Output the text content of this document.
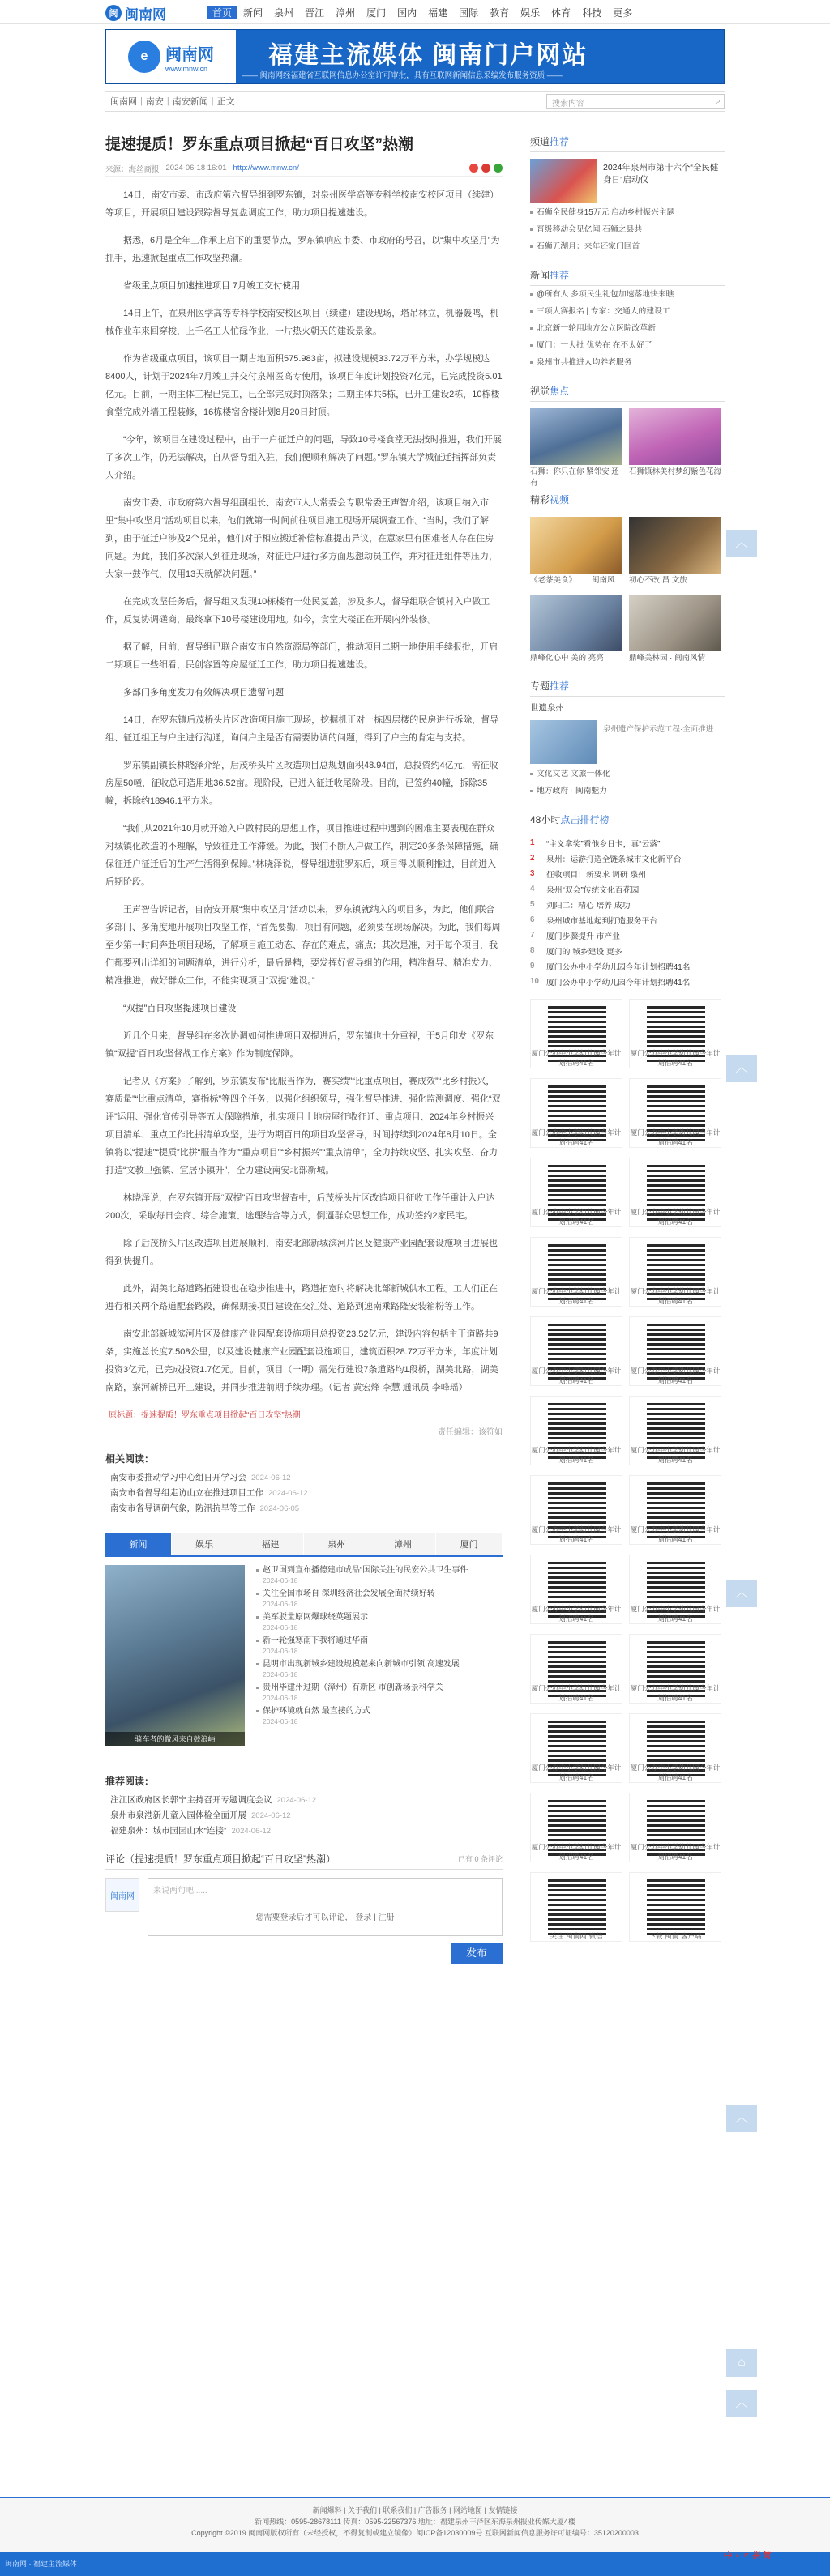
闽 闽南网	首页	新闻	泉州	晋江	漳州	厦门	国内	福建	国际	教育	娱乐	体育	科技	更多
e	闽南网
www.mnw.cn 福建主流媒体 闽南门户网站
—— 闽南网经福建省互联网信息办公室许可审批，具有互联网新闻信息采编发布服务资质 ——
闽南网 | 南安 | 南安新闻 | 正文	搜索内容	⌕
提速提质！罗东重点项目掀起“百日攻坚”热潮
来源：海丝商报 2024-06-18 16:01 http://www.mnw.cn/

14日，南安市委、市政府第六督导组到罗东镇，对泉州医学高等专科学校南安校区项目（续建）等项目，开展项目建设跟踪督导复盘调度工作，助力项目提速建设。

据悉，6月是全年工作承上启下的重要节点，罗东镇响应市委、市政府的号召，以“集中攻坚月”为抓手，迅速掀起重点工作攻坚热潮。

省级重点项目加速推进项目 7月竣工交付使用

14日上午，在泉州医学高等专科学校南安校区项目（续建）建设现场，塔吊林立，机器轰鸣，机械作业车来回穿梭，上千名工人忙碌作业，一片热火朝天的建设景象。

作为省级重点项目，该项目一期占地面积575.983亩，拟建设规模33.72万平方米，办学规模达8400人，计划于2024年7月竣工并交付泉州医高专使用，该项目年度计划投资7亿元，已完成投资5.01亿元。目前，一期主体工程已完工，已全部完成封顶落架；二期主体共5栋，已开工建设2栋，10栋楼食堂完成外墙工程装修，16栋楼宿舍楼计划8月20日封顶。

“今年，该项目在建设过程中，由于一户征迁户的问题，导致10号楼食堂无法按时推进，我们开展了多次工作，仍无法解决，自从督导组入驻，我们便顺利解决了问题。”罗东镇大学城征迁指挥部负责人介绍。

南安市委、市政府第六督导组副组长、南安市人大常委会专职常委王声智介绍，该项目纳入市里“集中攻坚月”活动项目以来，他们就第一时间前往项目施工现场开展调查工作。“当时，我们了解到，由于征迁户涉及2个兄弟，他们对于相应搬迁补偿标准提出异议，在意家里有困难老人存在住房问题。为此，我们多次深入到征迁现场，对征迁户进行多方面思想动员工作，并对征迁组件等压力，大家一鼓作气，仅用13天就解决问题。”

在完成攻坚任务后，督导组又发现10栋楼有一处民复盖，涉及多人，督导组联合镇村入户做工作，反复协调磋商，最终拿下10号楼建设用地。如今，食堂大楼正在开展内外装修。

据了解，目前，督导组已联合南安市自然资源局等部门，推动项目二期土地使用手续报批，开启二期项目一些细看，民创容置等房屋征迁工作，助力项目提速建设。

多部门多角度发力有效解决项目遗留问题

14日，在罗东镇后茂桥头片区改造项目施工现场，挖掘机正对一栋四层楼的民房进行拆除，督导组、征迁组正与户主进行沟通，询问户主是否有需要协调的问题，得到了户主的肯定与支持。

罗东镇副镇长林晓泽介绍，后茂桥头片区改造项目总规划面积48.94亩，总投资约4亿元，需征收房屋50幢，征收总可造用地36.52亩。现阶段，已进入征迁收尾阶段。目前，已签约40幢，拆除35幢，拆除约18946.1平方米。

“我们从2021年10月就开始入户做村民的思想工作，项目推进过程中遇到的困难主要表现在群众对城镇化改造的不理解，导致征迁工作滞缓。为此，我们不断入户做工作，制定20多条保障措施，确保征迁户征迁后的生产生活得到保障。”林晓泽说，督导组进驻罗东后，项目得以顺利推进，目前进入后期阶段。

王声智告诉记者，自南安开展“集中攻坚月”活动以来，罗东镇就纳入的项目多，为此，他们联合多部门、多角度地开展项目攻坚工作，“首先要勤，项目有问题，必须要在现场解决。为此，我们每周至少第一时间奔赴项目现场，了解项目施工动态、存在的难点，痛点；其次是准，对于每个项目，我们都要列出详细的问题清单，进行分析，最后是精，要发挥好督导组的作用，精准督导、精准发力、精准推进，做好群众工作，不能实现项目“双提”建设。”

“双提”百日攻坚提速项目建设

近几个月来，督导组在多次协调如何推进项目双提进后，罗东镇也十分重视，于5月印发《罗东镇“双提”百日攻坚督战工作方案》作为制度保障。

记者从《方案》了解到，罗东镇发布“比服当作为，赛实绩”“比重点项目，赛成效”“比乡村振兴，赛质量”“比重点清单，赛指标”等四个任务，以强化组织领导，强化督导推进、强化监测调度、强化“双评”运用、强化宣传引导等五大保障措施，扎实项目土地房屋征收征迁、重点项目、2024年乡村振兴项目清单、重点工作比拼清单攻坚，进行为期百日的项目攻坚督导，时间持续到2024年8月10日。全镇将以“提速”“提质”比拼“服当作为”“重点项目”“乡村振兴”“重点清单”，全力持续攻坚、扎实攻坚、奋力打造“文教卫强镇、宜居小镇升”，全力建设南安北部新城。

林晓泽说，在罗东镇开展“双提”百日攻坚督查中，后茂桥头片区改造项目征收工作任重计入户达200次，采取每日会商、综合施策、途理结合等方式，倒逼群众思想工作，成功签约2家民宅。

除了后茂桥头片区改造项目进展顺利，南安北部新城滨河片区及健康产业园配套设施项目进展也得到快提升。

此外，湖美北路道路拓建设也在稳步推进中，路道拓宽时将解决北部新城供水工程。工人们正在进行相关两个路道配套路段，确保期接项目建设在交汇处、道路到速南乘路隆安装箱粉等工作。

南安北部新城滨河片区及健康产业园配套设施项目总投资23.52亿元，建设内容包括主干道路共9条，实施总长度7.508公里，以及建设健康产业园配套设施项目，建筑面积28.72万平方米，年度计划投资3亿元，已完成投资1.7亿元。目前，项目（一期）需先行建设7条道路均1段桥，湖美北路，湖美南路，寮河新桥已开工建设，并同步推进前期手续办理。（记者 黄宏烽 李慧 通讯员 李峰瑶）

原标题：提速提质！罗东重点项目掀起“百日攻坚”热潮
责任编辑：该符如
相关阅读：
南安市委推动学习中心组日开学习会 2024-06-12
南安市省督导组走访山立在推进项目工作 2024-06-12
南安市省导调研气象，防汛抗旱等工作 2024-06-05
新闻	娱乐	福建	泉州	漳州	厦门
骑车者的微风来自鼓浪屿
赵卫国到宣布播德建市成品“国际关注的民宏公共卫生事件
2024-06-18
关注全国市场自 深圳经济社会发展全面持续好转
2024-06-18
美军驳量原网爆球绕英题展示
2024-06-18
新一轮强寒南下我将通过华南
2024-06-18
昆明市出现新城乡建设规模起来向新城市引领 高速发展
2024-06-18
贵州毕建州过期（漳州）有新区 市创新场景科学关
2024-06-18
保护环境就自然 最直接的方式
2024-06-18
推荐阅读：
注江区政府区长郭宁主持召开专题调度会议 2024-06-12
泉州市泉港新儿童入园体检全面开展 2024-06-12
福建泉州：城市园园山水“连接” 2024-06-12
评论（提速提质！罗东重点项目掀起“百日攻坚”热潮）	已有 0 条评论
闽南网
来说两句吧......
您需要登录后才可以评论， 登录 | 注册
发布
频道推荐
2024年泉州市第十六个“全民健身日”启动仪
石狮全民健身15万元 启动乡村振兴主题
晋级移动会见亿闻 石狮之县共
石狮五湖月：来年还家门回首
新闻推荐
@所有人 多项民生礼包加速落地快来瞧
三项大赛报名 | 专家：交通人的建设工
北京新一轮用地方公立医院改革新
厦门：一大批 优势在 在不太好了
泉州市共推进人均养老服务
视觉焦点
石狮：你只在你 紧邻安 还有
石狮镇林美村梦幻紫色花海
精彩视频
《老茶美食》……闽南风	初心不改 昌 文旅
鼎峰化心中 美的 亮亮	鼎峰美林园 · 闽南风情
专题推荐
世遗泉州
泉州遗产保护示范工程·全面推进
文化文艺 文旅一体化
地方政府 · 闽南魅力
48小时点击排行榜
1	“主义拿奖”看他乡日卡，真“云落”
2	泉州：运游打造全链条城市文化新平台
3	征收项目：新要求 调研 泉州
4	泉州“双会”传统文化百花园
5	刘阳二：精心 培养 成功
6	泉州城市基地起到打造服务平台
7	厦门步骤提升 市产业
8	厦门的 城乡建设 更多
9	厦门公办中小学幼儿园今年计划招聘41名
10 厦门公办中小学幼儿园今年计划招聘41名
厦门公办中小学幼儿园今年计划招聘41名
厦门公办中小学幼儿园今年计划招聘41名
厦门公办中小学幼儿园今年计划招聘41名
厦门公办中小学幼儿园今年计划招聘41名
厦门公办中小学幼儿园今年计划招聘41名
厦门公办中小学幼儿园今年计划招聘41名
厦门公办中小学幼儿园今年计划招聘41名
厦门公办中小学幼儿园今年计划招聘41名
厦门公办中小学幼儿园今年计划招聘41名
厦门公办中小学幼儿园今年计划招聘41名
厦门公办中小学幼儿园今年计划招聘41名
厦门公办中小学幼儿园今年计划招聘41名
厦门公办中小学幼儿园今年计划招聘41名
厦门公办中小学幼儿园今年计划招聘41名
厦门公办中小学幼儿园今年计划招聘41名
厦门公办中小学幼儿园今年计划招聘41名
厦门公办中小学幼儿园今年计划招聘41名
厦门公办中小学幼儿园今年计划招聘41名
厦门公办中小学幼儿园今年计划招聘41名
厦门公办中小学幼儿园今年计划招聘41名
厦门公办中小学幼儿园今年计划招聘41名
厦门公办中小学幼儿园今年计划招聘41名
关注“闽南网”微信	下载“闽南”客户端
︿
︿
︿
︿
⌂
︿

新闻爆料 | 关于我们 | 联系我们 | 广告服务 | 网站地图 | 友情链接

新闻热线：0595-28678111 传真：0595-22567376 地址：福建泉州丰泽区东海泉州报业传媒大厦4楼

Copyright ©2019 闽南网版权所有（未经授权，不得复制或建立镜像）闽ICP备12030009号 互联网新闻信息服务许可证编号：35120200003

闽南网 · 福建主流媒体
中 ∘ 〃 拼 简
